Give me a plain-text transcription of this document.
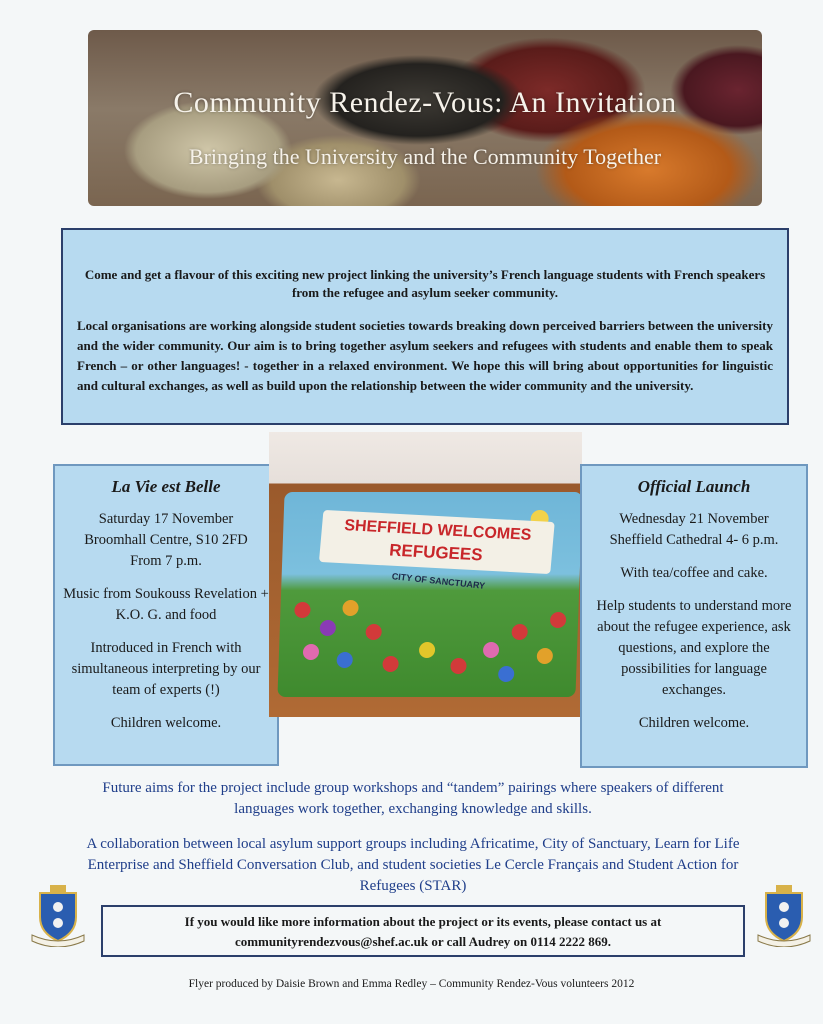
Community Rendez-Vous: An Invitation
Bringing the University and the Community Together

Come and get a flavour of this exciting new project linking the university’s French language students with French speakers from the refugee and asylum seeker community.

Local organisations are working alongside student societies towards breaking down perceived barriers between the university and the wider community. Our aim is to bring together asylum seekers and refugees with students and enable them to speak French – or other languages! - together in a relaxed environment. We hope this will bring about opportunities for linguistic and cultural exchanges, as well as build upon the relationship between the wider community and the university.

La Vie est Belle
Saturday 17 November
Broomhall Centre, S10 2FD

From 7 p.m.

Music from Soukouss Revelation + K.O. G. and food

Introduced in French with simultaneous interpreting by our team of experts (!)

Children welcome.

SHEFFIELD WELCOMES
REFUGEES
CITY OF SANCTUARY
Official Launch
Wednesday 21 November

Sheffield Cathedral 4- 6 p.m.

With tea/coffee and cake.

Help students to understand more about the refugee experience, ask questions, and explore the possibilities for language exchanges.

Children welcome.

Future aims for the project include group workshops and “tandem” pairings where speakers of different languages work together, exchanging knowledge and skills.
A collaboration between local asylum support groups including Africatime, City of Sanctuary, Learn for Life Enterprise and Sheffield Conversation Club, and student societies Le Cercle Français and Student Action for Refugees (STAR)
If you would like more information about the project or its events, please contact us at
communityrendezvous@shef.ac.uk or call Audrey on 0114 2222 869.
Flyer produced by Daisie Brown and Emma Redley – Community Rendez-Vous volunteers 2012
